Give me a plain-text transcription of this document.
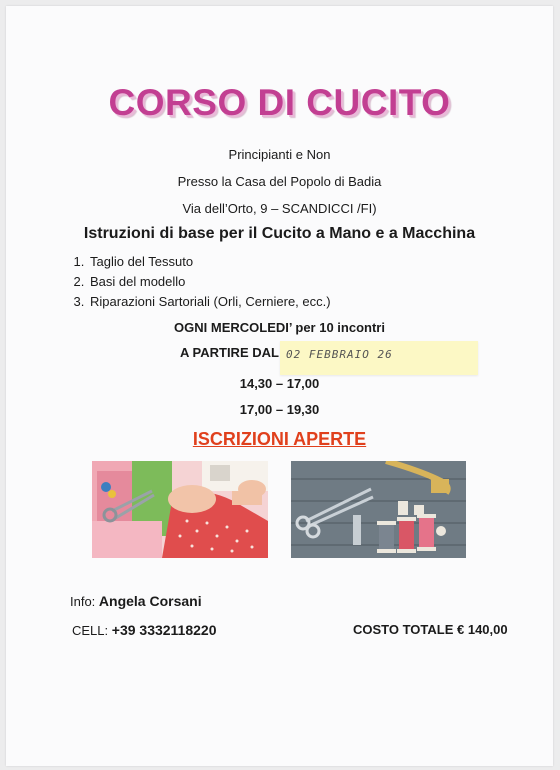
CORSO DI CUCITO
Principianti e Non
Presso la Casa del Popolo di Badia
Via dell’Orto, 9 – SCANDICCI /FI)
Istruzioni di base per il Cucito a Mano e a Macchina
1. Taglio del Tessuto
2. Basi del modello
3. Riparazioni Sartoriali (Orli, Cerniere, ecc.)
OGNI MERCOLEDI’ per 10 incontri
A PARTIRE DAL 02 FEBBRAIO 26
14,30 – 17,00
17,00 – 19,30
ISCRIZIONI APERTE
Info: Angela Corsani
CELL: +39 3332118220	COSTO TOTALE € 140,00
